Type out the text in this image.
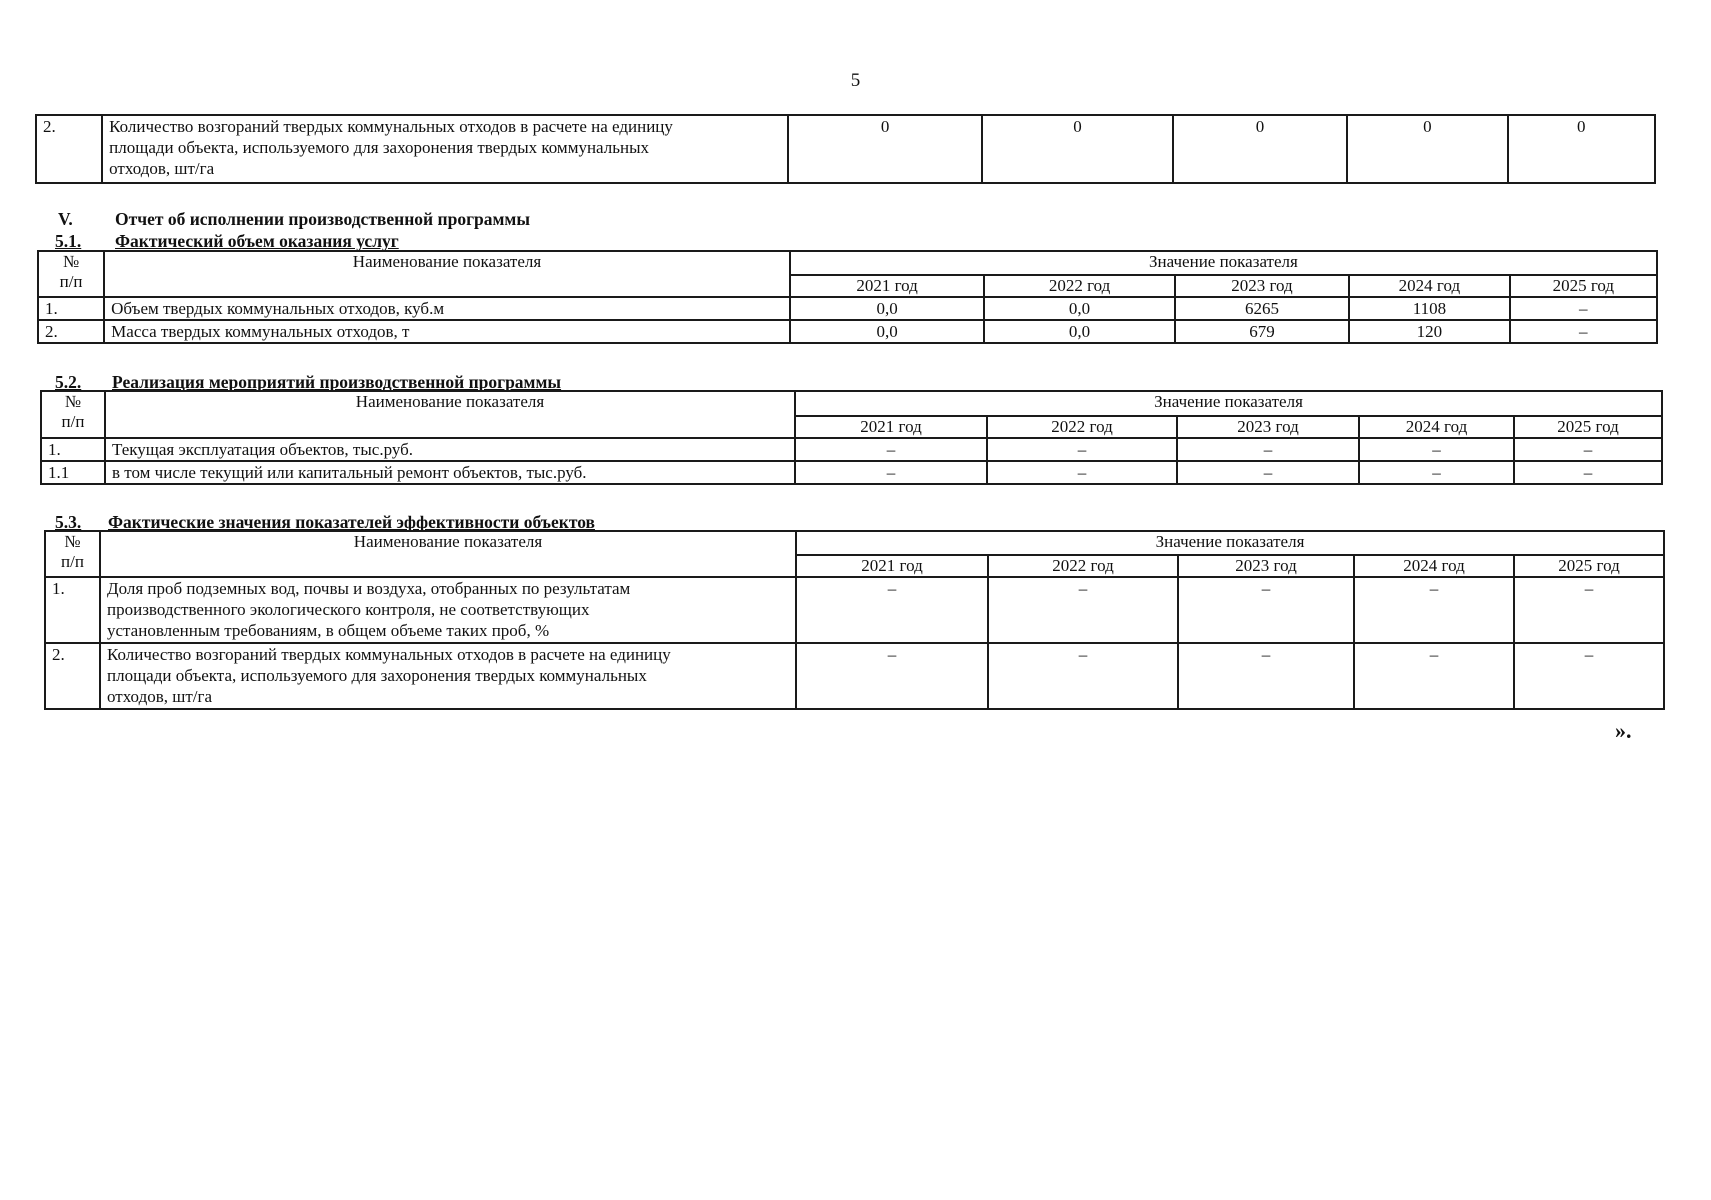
5
2.	Количество возгораний твердых коммунальных отходов в расчете на единицу
площади объекта, используемого для захоронения твердых коммунальных
отходов, шт/га
	0	0	0	0	0
V. Отчет об исполнении производственной программы
5.1. Фактический объем оказания услуг
№
п/п	Наименование показателя	Значение показателя				
		2021 год	2022 год	2023 год	2024 год	2025 год
1.	Объем твердых коммунальных отходов, куб.м	0,0	0,0	6265	1108	–
2.	Масса твердых коммунальных отходов, т	0,0	0,0	679	120	–
5.2. Реализация мероприятий производственной программы
№
п/п	Наименование показателя	Значение показателя				
		2021 год	2022 год	2023 год	2024 год	2025 год
1.	Текущая эксплуатация объектов, тыс.руб.	–	–	–	–	–
1.1	в том числе текущий или капитальный ремонт объектов, тыс.руб.	–	–	–	–	–
5.3. Фактические значения показателей эффективности объектов
№
п/п	Наименование показателя	Значение показателя				
		2021 год	2022 год	2023 год	2024 год	2025 год
1.	Доля проб подземных вод, почвы и воздуха, отобранных по результатам
производственного экологического контроля, не соответствующих
установленным требованиям, в общем объеме таких проб, %	–	–	–	–	–
2.	Количество возгораний твердых коммунальных отходов в расчете на единицу
площади объекта, используемого для захоронения твердых коммунальных
отходов, шт/га	–	–	–	–	–
».
